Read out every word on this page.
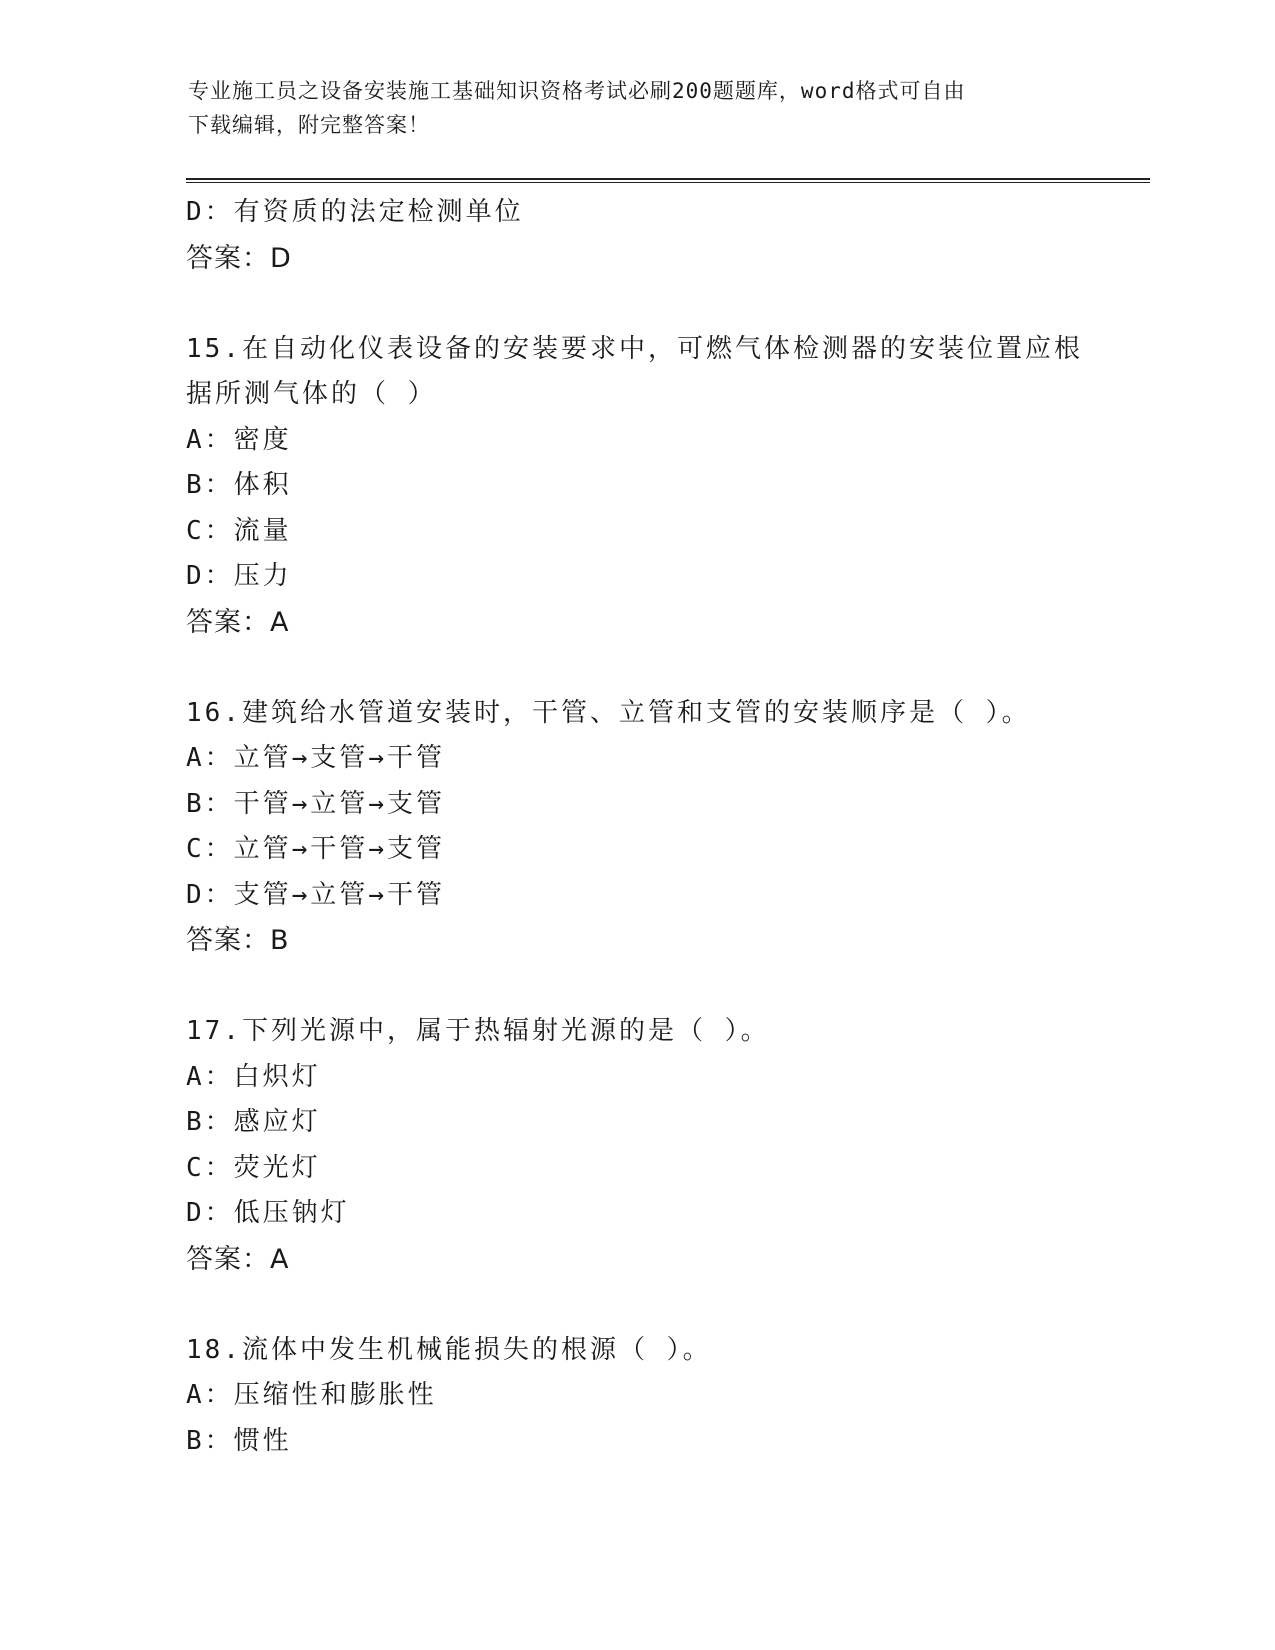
专业施工员之设备安装施工基础知识资格考试必刷200题题库，word格式可自由
下载编辑，附完整答案！
D：有资质的法定检测单位
答案：D
15.在自动化仪表设备的安装要求中，可燃气体检测器的安装位置应根
据所测气体的（ ）
A：密度
B：体积
C：流量
D：压力
答案：A
16.建筑给水管道安装时，干管、立管和支管的安装顺序是（ ）。
A：立管→支管→干管
B：干管→立管→支管
C：立管→干管→支管
D：支管→立管→干管
答案：B
17.下列光源中，属于热辐射光源的是（ ）。
A：白炽灯
B：感应灯
C：荧光灯
D：低压钠灯
答案：A
18.流体中发生机械能损失的根源（ ）。
A：压缩性和膨胀性
B：惯性
